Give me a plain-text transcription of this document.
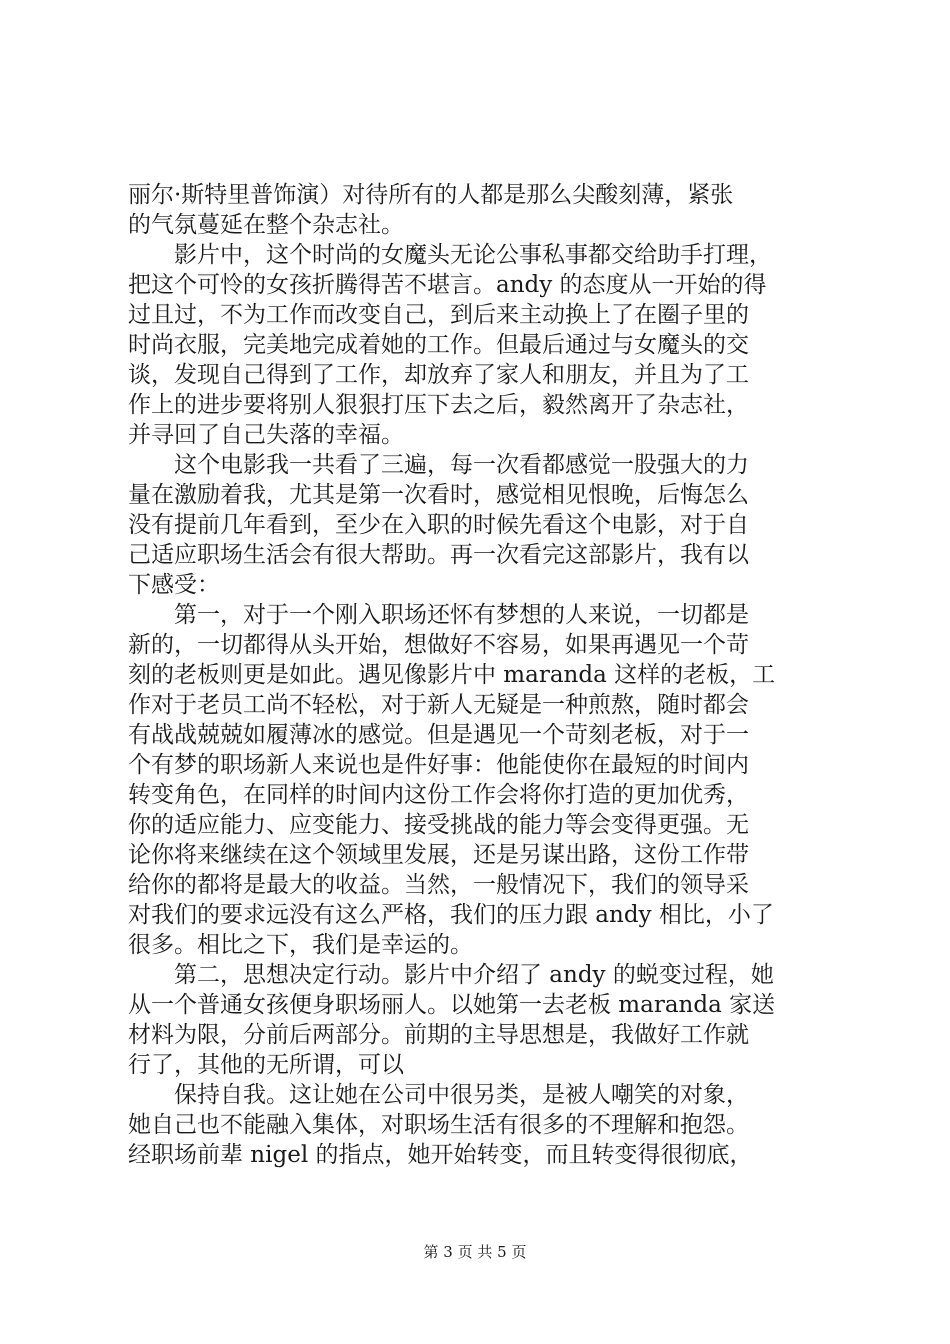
丽尔·斯特里普饰演）对待所有的人都是那么尖酸刻薄，紧张
的气氛蔓延在整个杂志社。
　　影片中，这个时尚的女魔头无论公事私事都交给助手打理，
把这个可怜的女孩折腾得苦不堪言。andy 的态度从一开始的得
过且过，不为工作而改变自己，到后来主动换上了在圈子里的
时尚衣服，完美地完成着她的工作。但最后通过与女魔头的交
谈，发现自己得到了工作，却放弃了家人和朋友，并且为了工
作上的进步要将别人狠狠打压下去之后，毅然离开了杂志社，
并寻回了自己失落的幸福。
　　这个电影我一共看了三遍，每一次看都感觉一股强大的力
量在激励着我，尤其是第一次看时，感觉相见恨晚，后悔怎么
没有提前几年看到，至少在入职的时候先看这个电影，对于自
己适应职场生活会有很大帮助。再一次看完这部影片，我有以
下感受：
　　第一，对于一个刚入职场还怀有梦想的人来说，一切都是
新的，一切都得从头开始，想做好不容易，如果再遇见一个苛
刻的老板则更是如此。遇见像影片中 maranda 这样的老板，工
作对于老员工尚不轻松，对于新人无疑是一种煎熬，随时都会
有战战兢兢如履薄冰的感觉。但是遇见一个苛刻老板，对于一
个有梦的职场新人来说也是件好事：他能使你在最短的时间内
转变角色，在同样的时间内这份工作会将你打造的更加优秀，
你的适应能力、应变能力、接受挑战的能力等会变得更强。无
论你将来继续在这个领域里发展，还是另谋出路，这份工作带
给你的都将是最大的收益。当然，一般情况下，我们的领导采
对我们的要求远没有这么严格，我们的压力跟 andy 相比，小了
很多。相比之下，我们是幸运的。
　　第二，思想决定行动。影片中介绍了 andy 的蜕变过程，她
从一个普通女孩便身职场丽人。以她第一去老板 maranda 家送
材料为限，分前后两部分。前期的主导思想是，我做好工作就
行了，其他的无所谓，可以
　　保持自我。这让她在公司中很另类，是被人嘲笑的对象，
她自己也不能融入集体，对职场生活有很多的不理解和抱怨。
经职场前辈 nigel 的指点，她开始转变，而且转变得很彻底，
第 3 页 共 5 页
